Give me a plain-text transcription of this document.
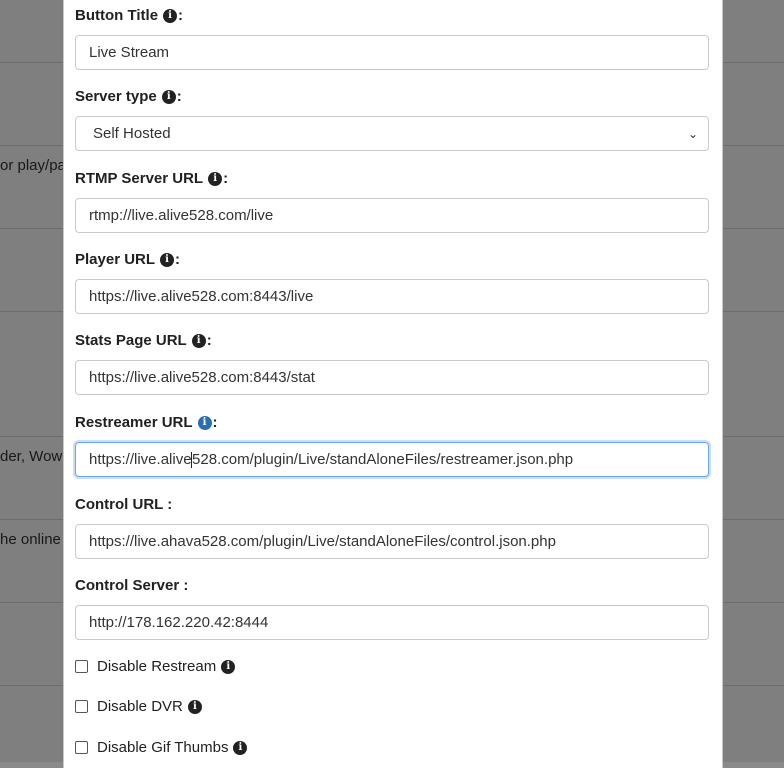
Button Title	i :
Live Stream
Server type	i :
Self Hosted	⌄
RTMP Server URL	i :
rtmp://live.alive528.com/live
Player URL	i :
https://live.alive528.com:8443/live
Stats Page URL	i :
https://live.alive528.com:8443/stat
Restreamer URL	i :
https://live.alive 528.com/plugin/Live/standAloneFiles/restreamer.json.php
Control URL :
https://live.ahava528.com/plugin/Live/standAloneFiles/control.json.php
Control Server :
http://178.162.220.42:8444
Disable Restream	i
Disable DVR	i
Disable Gif Thumbs	i
